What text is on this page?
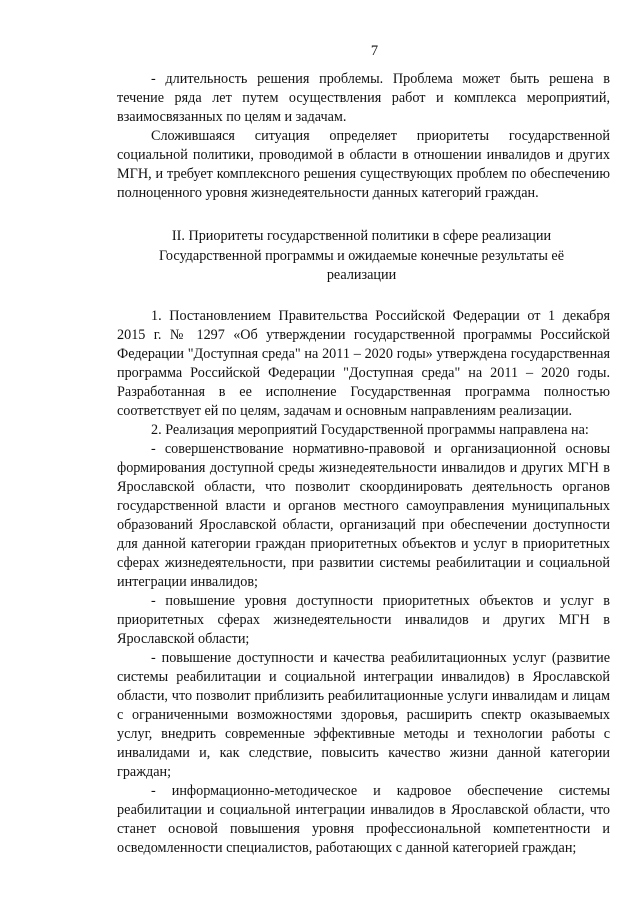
7

- длительность решения проблемы. Проблема может быть решена в течение ряда лет путем осуществления работ и комплекса мероприятий, взаимосвязанных по целям и задачам.

Сложившаяся ситуация определяет приоритеты государственной социальной политики, проводимой в области в отношении инвалидов и других МГН, и требует комплексного решения существующих проблем по обеспечению полноценного уровня жизнедеятельности данных категорий граждан.

II. Приоритеты государственной политики в сфере реализации Государственной программы и ожидаемые конечные результаты её реализации

1. Постановлением Правительства Российской Федерации от 1 декабря 2015 г. № 1297 «Об утверждении государственной программы Российской Федерации "Доступная среда" на 2011 – 2020 годы» утверждена государственная программа Российской Федерации "Доступная среда" на 2011 – 2020 годы. Разработанная в ее исполнение Государственная программа полностью соответствует ей по целям, задачам и основным направлениям реализации.

2. Реализация мероприятий Государственной программы направлена на:

- совершенствование нормативно-правовой и организационной основы формирования доступной среды жизнедеятельности инвалидов и других МГН в Ярославской области, что позволит скоординировать деятельность органов государственной власти и органов местного самоуправления муниципальных образований Ярославской области, организаций при обеспечении доступности для данной категории граждан приоритетных объектов и услуг в приоритетных сферах жизнедеятельности, при развитии системы реабилитации и социальной интеграции инвалидов;

- повышение уровня доступности приоритетных объектов и услуг в приоритетных сферах жизнедеятельности инвалидов и других МГН в Ярославской области;

- повышение доступности и качества реабилитационных услуг (развитие системы реабилитации и социальной интеграции инвалидов) в Ярославской области, что позволит приблизить реабилитационные услуги инвалидам и лицам с ограниченными возможностями здоровья, расширить спектр оказываемых услуг, внедрить современные эффективные методы и технологии работы с инвалидами и, как следствие, повысить качество жизни данной категории граждан;

- информационно-методическое и кадровое обеспечение системы реабилитации и социальной интеграции инвалидов в Ярославской области, что станет основой повышения уровня профессиональной компетентности и осведомленности специалистов, работающих с данной категорией граждан;
